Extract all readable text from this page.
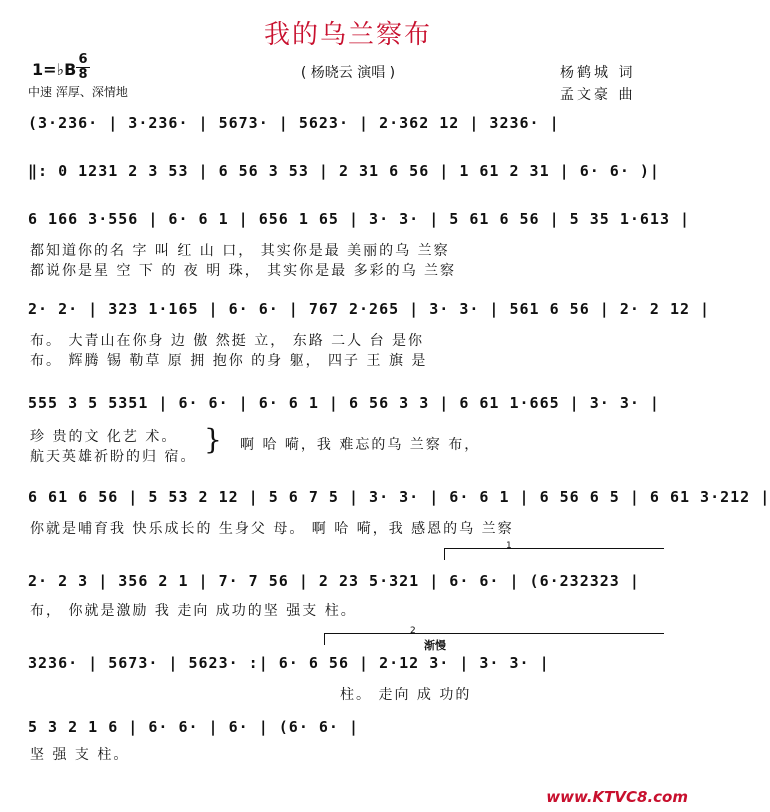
我的乌兰察布
( 杨晓云 演唱 )
1=♭B
6
8
中速 浑厚、深情地
杨鹤城 词
孟文豪 曲
(3·236· | 3·236· | 5673· | 5623· | 2·362 12 | 3236· |
‖: 0 1231 2 3 53 | 6 56 3 53 | 2 31 6 56 | 1 61 2 31 | 6· 6· )|
6 166 3·556 | 6· 6 1 | 656 1 65 | 3· 3· | 5 61 6 56 | 5 35 1·613 |
都知道你的名 字 叫 红 山 口， 其实你是最 美丽的乌 兰察
都说你是星 空 下 的 夜 明 珠， 其实你是最 多彩的乌 兰察
2· 2· | 323 1·165 | 6· 6· | 767 2·265 | 3· 3· | 561 6 56 | 2· 2 12 |
布。 大青山在你身 边 傲 然挺 立， 东路 二人 台 是你
布。 辉腾 锡 勒草 原 拥 抱你 的身 躯， 四子 王 旗 是
555 3 5 5351 | 6· 6· | 6· 6 1 | 6 56 3 3 | 6 61 1·665 | 3· 3· |
珍 贵的文 化艺 术。
航天英雄祈盼的归 宿。
} 啊 哈 嗬，我 难忘的乌 兰察 布，
6 61 6 56 | 5 53 2 12 | 5 6 7 5 | 3· 3· | 6· 6 1 | 6 56 6 5 | 6 61 3·212 |
你就是哺育我 快乐成长的 生身父 母。 啊 哈 嗬，我 感恩的乌 兰察
1
2· 2 3 | 356 2 1 | 7· 7 56 | 2 23 5·321 | 6· 6· | (6·232323 |
布， 你就是激励 我 走向 成功的坚 强支 柱。
2
渐慢
3236· | 5673· | 5623· :| 6· 6 56 | 2·12 3· | 3· 3· |
柱。 走向 成 功的
5 3 2 1 6 | 6· 6· | 6· | (6· 6· |
坚 强 支 柱。
www.KTVC8.com
